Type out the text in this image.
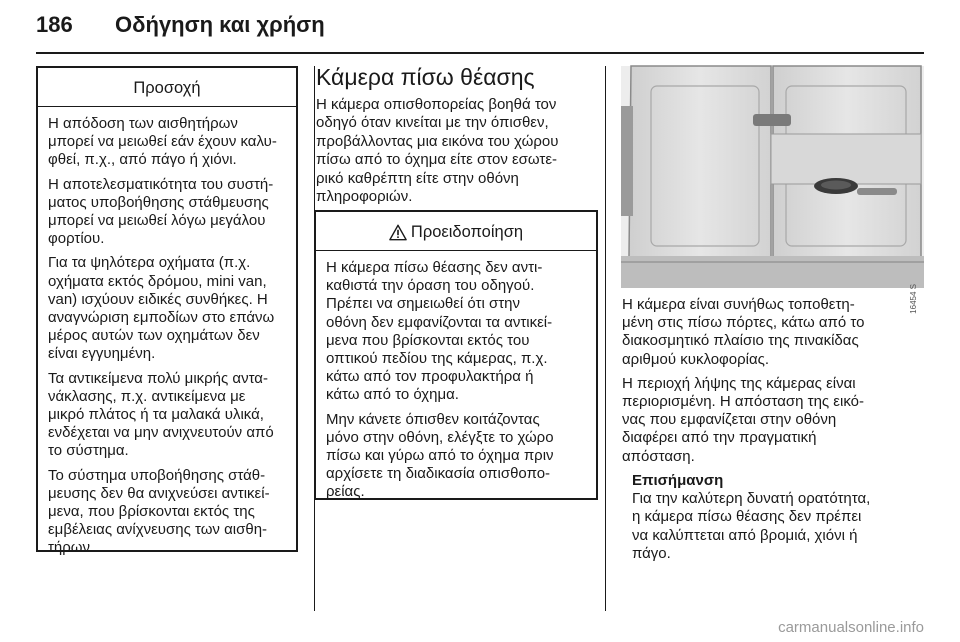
186 Οδήγηση και χρήση
Προσοχή
Η απόδοση των αισθητήρων
μπορεί να μειωθεί εάν έχουν καλυ-
φθεί, π.χ., από πάγο ή χιόνι.
Η αποτελεσματικότητα του συστή-
ματος υποβοήθησης στάθμευσης
μπορεί να μειωθεί λόγω μεγάλου
φορτίου.
Για τα ψηλότερα οχήματα (π.χ.
οχήματα εκτός δρόμου, mini van,
van) ισχύουν ειδικές συνθήκες. Η
αναγνώριση εμποδίων στο επάνω
μέρος αυτών των οχημάτων δεν
είναι εγγυημένη.
Τα αντικείμενα πολύ μικρής αντα-
νάκλασης, π.χ. αντικείμενα με
μικρό πλάτος ή τα μαλακά υλικά,
ενδέχεται να μην ανιχνευτούν από
το σύστημα.
Το σύστημα υποβοήθησης στάθ-
μευσης δεν θα ανιχνεύσει αντικεί-
μενα, που βρίσκονται εκτός της
εμβέλειας ανίχνευσης των αισθη-
τήρων.
Κάμερα πίσω θέασης
Η κάμερα οπισθοπορείας βοηθά τον
οδηγό όταν κινείται με την όπισθεν,
προβάλλοντας μια εικόνα του χώρου
πίσω από το όχημα είτε στον εσωτε-
ρικό καθρέπτη είτε στην οθόνη
πληροφοριών.
Προειδοποίηση
Η κάμερα πίσω θέασης δεν αντι-
καθιστά την όραση του οδηγού.
Πρέπει να σημειωθεί ότι στην
οθόνη δεν εμφανίζονται τα αντικεί-
μενα που βρίσκονται εκτός του
οπτικού πεδίου της κάμερας, π.χ.
κάτω από τον προφυλακτήρα ή
κάτω από το όχημα.
Μην κάνετε όπισθεν κοιτάζοντας
μόνο στην οθόνη, ελέγξτε το χώρο
πίσω και γύρω από το όχημα πριν
αρχίσετε τη διαδικασία οπισθοπο-
ρείας.
16454 S
Η κάμερα είναι συνήθως τοποθετη-
μένη στις πίσω πόρτες, κάτω από το
διακοσμητικό πλαίσιο της πινακίδας
αριθμού κυκλοφορίας.
Η περιοχή λήψης της κάμερας είναι
περιορισμένη. Η απόσταση της εικό-
νας που εμφανίζεται στην οθόνη
διαφέρει από την πραγματική
απόσταση.
Επισήμανση
Για την καλύτερη δυνατή ορατότητα,
η κάμερα πίσω θέασης δεν πρέπει
να καλύπτεται από βρομιά, χιόνι ή
πάγο.
carmanualsonline.info
